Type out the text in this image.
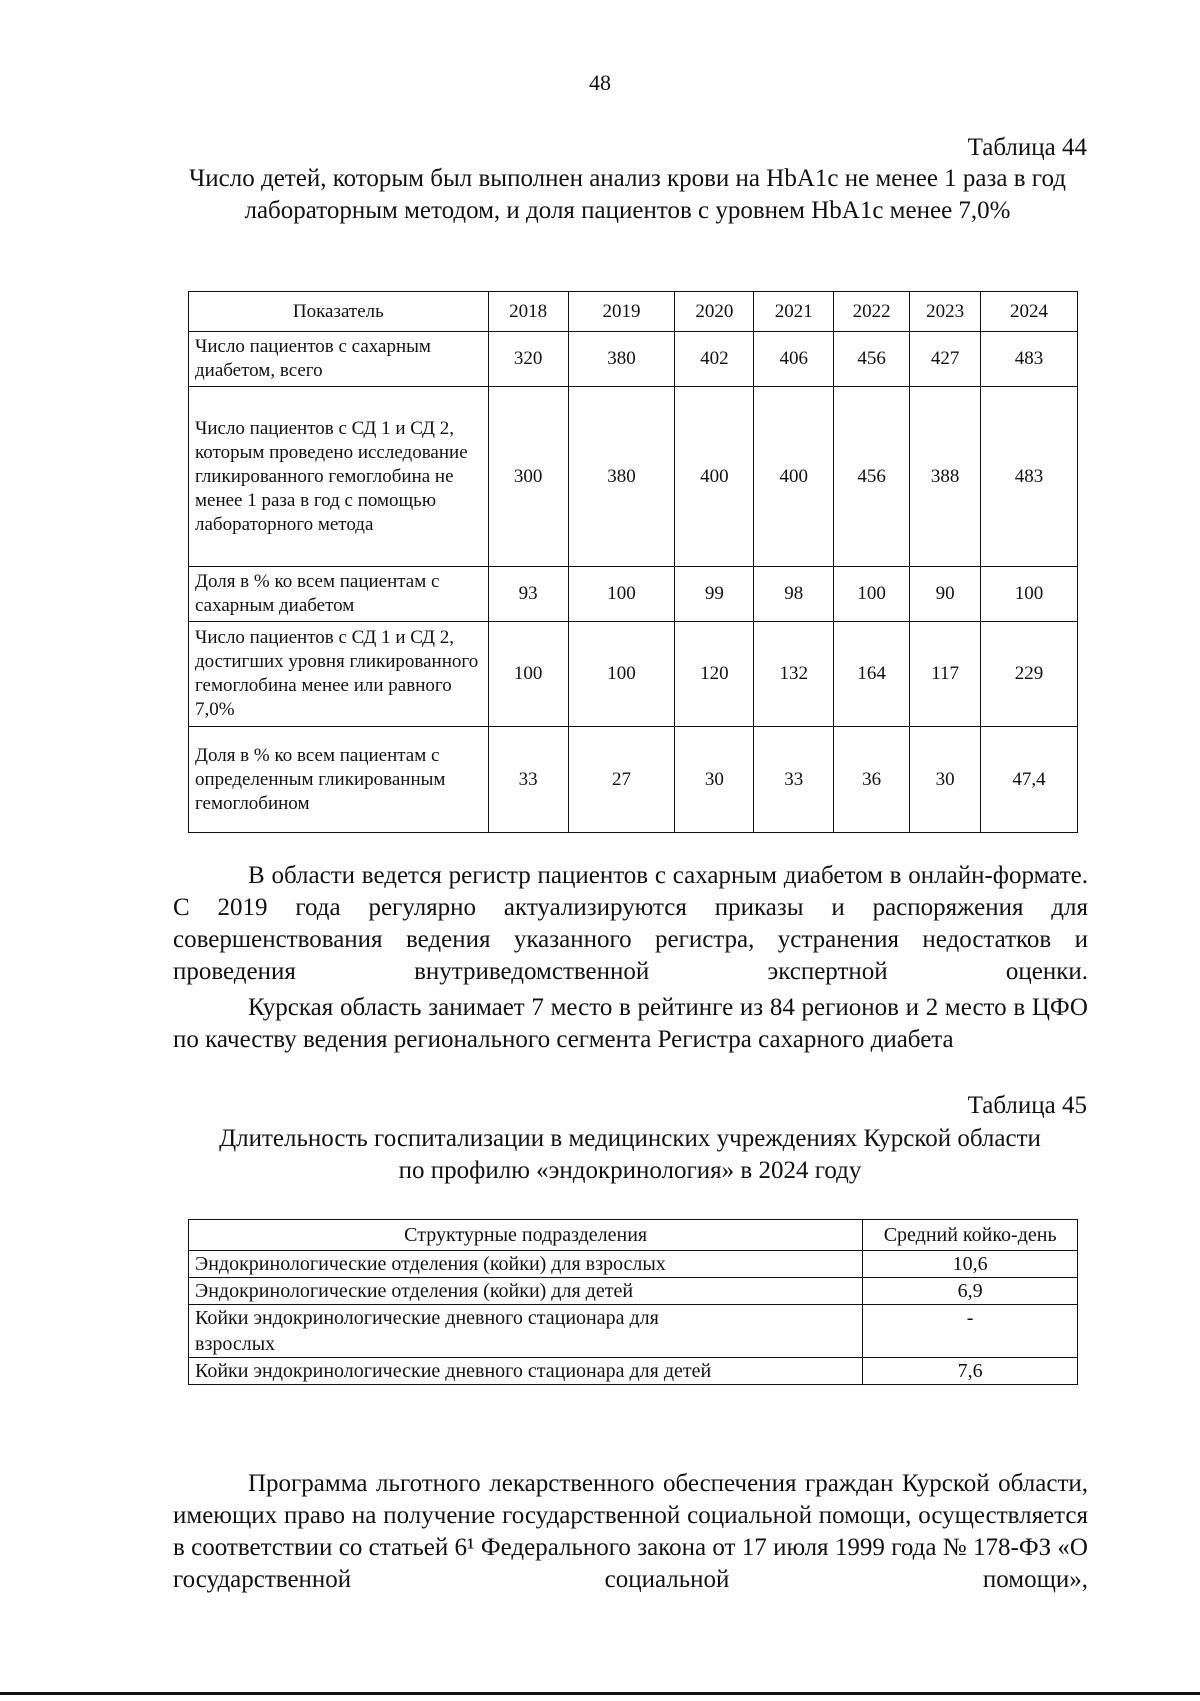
48
Таблица 44
Число детей, которым был выполнен анализ крови на HbA1c не менее 1 раза в год лабораторным методом, и доля пациентов с уровнем HbA1c менее 7,0%
Показатель	2018	2019	2020	2021	2022	2023	2024
Число пациентов с сахарным диабетом, всего	320	380	402	406	456	427	483
Число пациентов с СД 1 и СД 2, которым проведено исследование гликированного гемоглобина не менее 1 раза в год с помощью лабораторного метода	300	380	400	400	456	388	483
Доля в % ко всем пациентам с сахарным диабетом	93	100	99	98	100	90	100
Число пациентов с СД 1 и СД 2, достигших уровня гликированного гемоглобина менее или равного 7,0%	100	100	120	132	164	117	229
Доля в % ко всем пациентам с определенным гликированным гемоглобином	33	27	30	33	36	30	47,4
В области ведется регистр пациентов с сахарным диабетом в онлайн-формате. С 2019 года регулярно актуализируются приказы и распоряжения для совершенствования ведения указанного регистра, устранения недостатков и проведения внутриведомственной экспертной оценки.
Курская область занимает 7 место в рейтинге из 84 регионов и 2 место в ЦФО по качеству ведения регионального сегмента Регистра сахарного диабета
Таблица 45
Длительность госпитализации в медицинских учреждениях Курской области по профилю «эндокринология» в 2024 году
Структурные подразделения	Средний койко-день
Эндокринологические отделения (койки) для взрослых	10,6
Эндокринологические отделения (койки) для детей	6,9
Койки эндокринологические дневного стационара для взрослых	-
Койки эндокринологические дневного стационара для детей	7,6
Программа льготного лекарственного обеспечения граждан Курской области, имеющих право на получение государственной социальной помощи, осуществляется в соответствии со статьей 6¹ Федерального закона от 17 июля 1999 года № 178-ФЗ «О государственной социальной помощи»,
